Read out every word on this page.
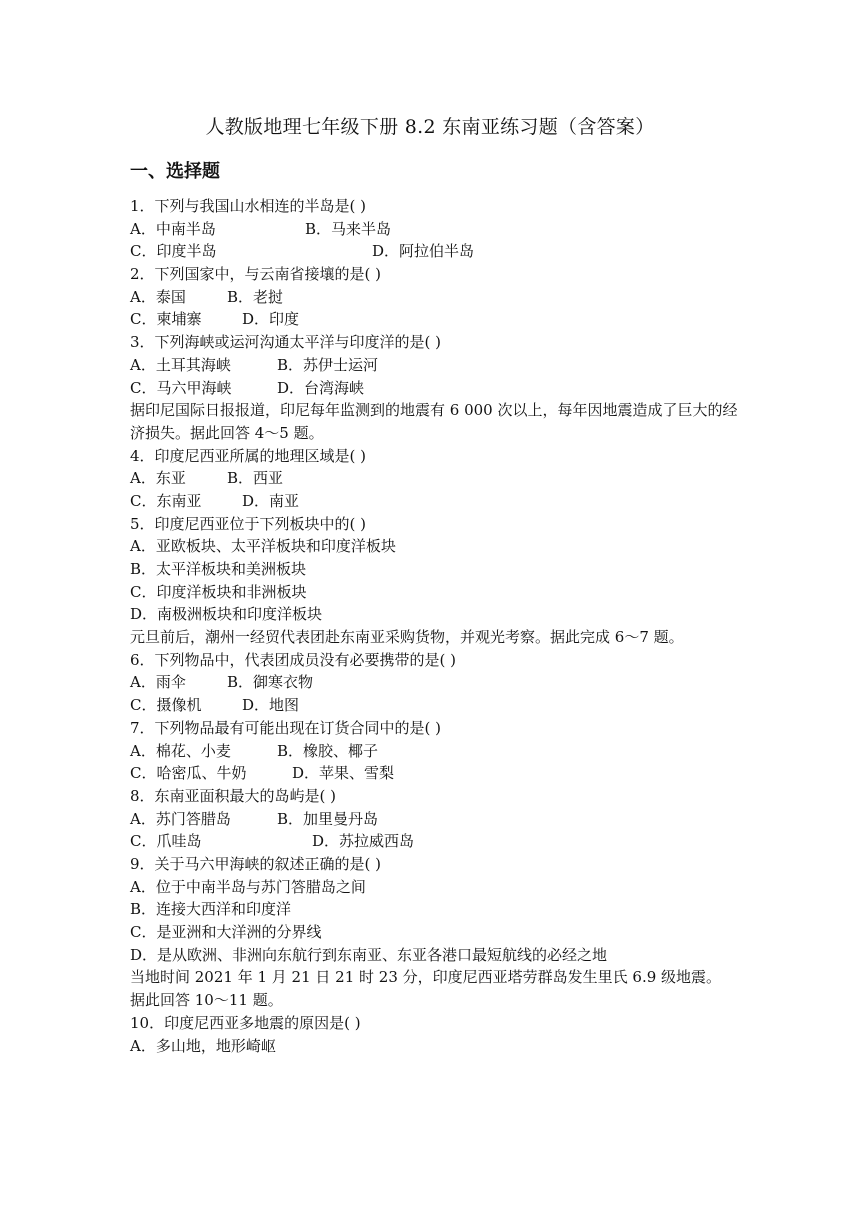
人教版地理七年级下册 8.2 东南亚练习题（含答案）
一、选择题
1．下列与我国山水相连的半岛是( )
A．中南半岛	B．马来半岛
C．印度半岛	D．阿拉伯半岛
2．下列国家中，与云南省接壤的是( )
A．泰国	B．老挝
C．柬埔寨	D．印度
3．下列海峡或运河沟通太平洋与印度洋的是( )
A．土耳其海峡	B．苏伊士运河
C．马六甲海峡	D．台湾海峡
据印尼国际日报报道，印尼每年监测到的地震有 6 000 次以上，每年因地震造成了巨大的经济损失。据此回答 4～5 题。
4．印度尼西亚所属的地理区域是( )
A．东亚	B．西亚
C．东南亚	D．南亚
5．印度尼西亚位于下列板块中的( )
A．亚欧板块、太平洋板块和印度洋板块
B．太平洋板块和美洲板块
C．印度洋板块和非洲板块
D．南极洲板块和印度洋板块
元旦前后，潮州一经贸代表团赴东南亚采购货物，并观光考察。据此完成 6～7 题。
6．下列物品中，代表团成员没有必要携带的是( )
A．雨伞	B．御寒衣物
C．摄像机	D．地图
7．下列物品最有可能出现在订货合同中的是( )
A．棉花、小麦	B．橡胶、椰子
C．哈密瓜、牛奶	D．苹果、雪梨
8．东南亚面积最大的岛屿是( )
A．苏门答腊岛	B．加里曼丹岛
C．爪哇岛	D．苏拉威西岛
9．关于马六甲海峡的叙述正确的是( )
A．位于中南半岛与苏门答腊岛之间
B．连接大西洋和印度洋
C．是亚洲和大洋洲的分界线
D．是从欧洲、非洲向东航行到东南亚、东亚各港口最短航线的必经之地
当地时间 2021 年 1 月 21 日 21 时 23 分，印度尼西亚塔劳群岛发生里氏 6.9 级地震。
据此回答 10～11 题。
10．印度尼西亚多地震的原因是( )
A．多山地，地形崎岖
